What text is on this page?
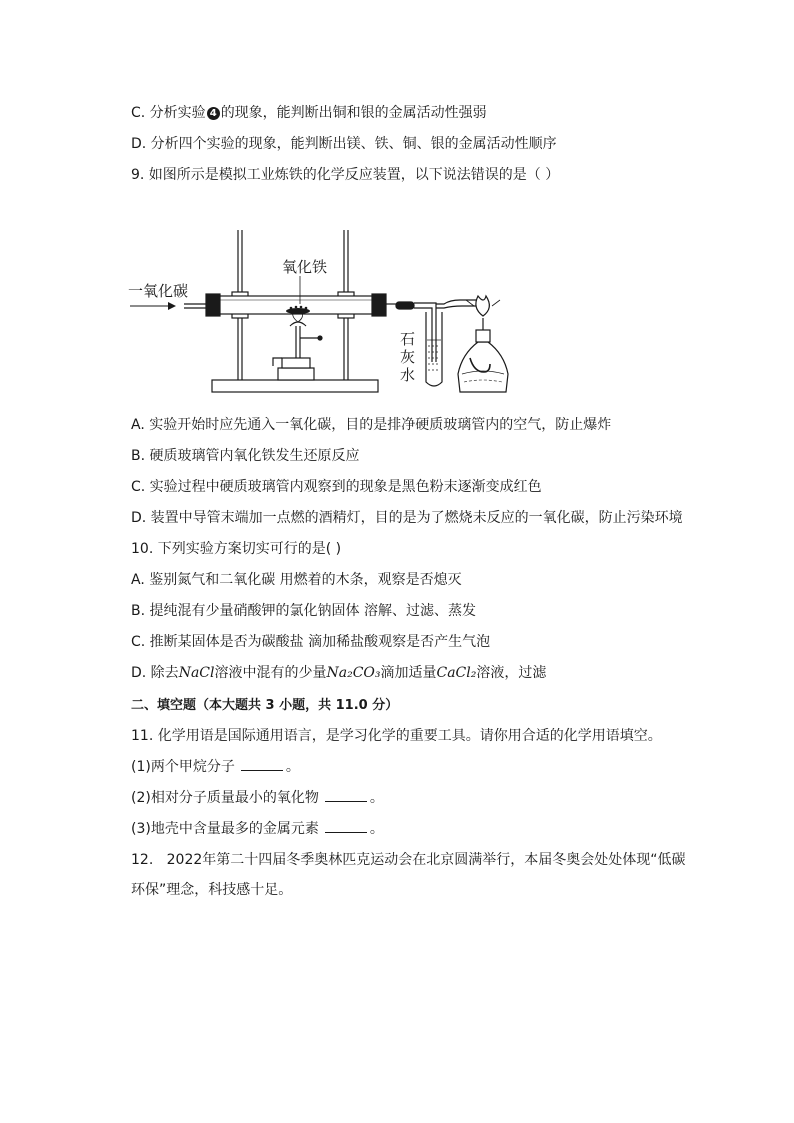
C. 分析实验 4 的现象，能判断出铜和银的金属活动性强弱

D. 分析四个实验的现象，能判断出镁、铁、铜、银的金属活动性顺序

9. 如图所示是模拟工业炼铁的化学反应装置，以下说法错误的是（ ）

一氧化碳
氧化铁
石
灰
水

A. 实验开始时应先通入一氧化碳，目的是排净硬质玻璃管内的空气，防止爆炸

B. 硬质玻璃管内氧化铁发生还原反应

C. 实验过程中硬质玻璃管内观察到的现象是黑色粉末逐渐变成红色

D. 装置中导管末端加一点燃的酒精灯，目的是为了燃烧未反应的一氧化碳，防止污染环境

10. 下列实验方案切实可行的是( )

A. 鉴别氮气和二氧化碳 用燃着的木条，观察是否熄灭

B. 提纯混有少量硝酸钾的氯化钠固体 溶解、过滤、蒸发

C. 推断某固体是否为碳酸盐 滴加稀盐酸观察是否产生气泡

D. 除去NaCl溶液中混有的少量Na₂CO₃滴加适量CaCl₂溶液，过滤

二、填空题（本大题共 3 小题，共 11.0 分）

11. 化学用语是国际通用语言，是学习化学的重要工具。请你用合适的化学用语填空。

(1)两个甲烷分子	。

(2)相对分子质量最小的氧化物	。

(3)地壳中含量最多的金属元素	。

12. 2022年第二十四届冬季奥林匹克运动会在北京圆满举行，本届冬奥会处处体现“低碳环保”理念，科技感十足。
